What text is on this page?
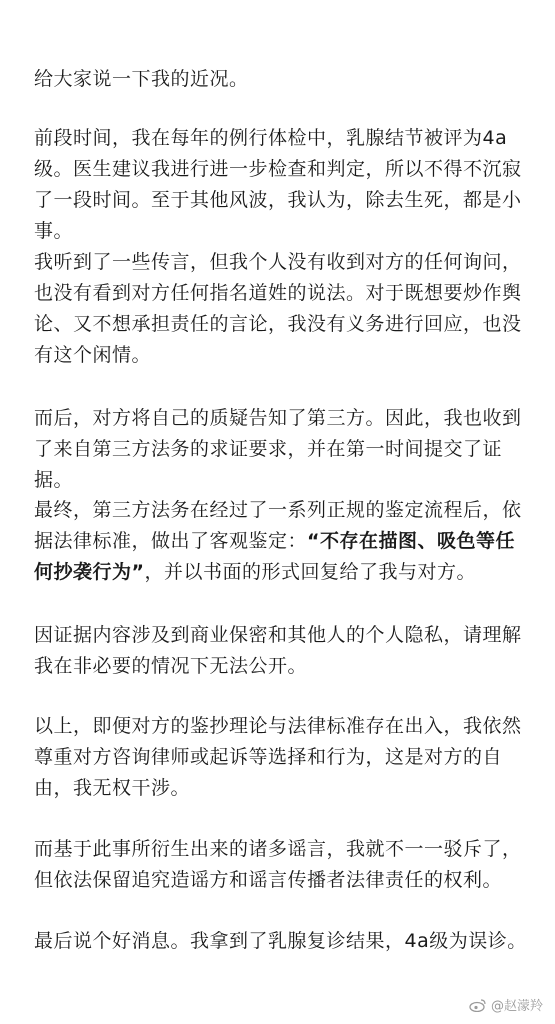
给大家说一下我的近况。

前段时间，我在每年的例行体检中，乳腺结节被评为4a级。医生建议我进行进一步检查和判定，所以不得不沉寂了一段时间。至于其他风波，我认为，除去生死，都是小事。

我听到了一些传言，但我个人没有收到对方的任何询问，也没有看到对方任何指名道姓的说法。对于既想要炒作舆论、又不想承担责任的言论，我没有义务进行回应，也没有这个闲情。

而后，对方将自己的质疑告知了第三方。因此，我也收到了来自第三方法务的求证要求，并在第一时间提交了证据。

最终，第三方法务在经过了一系列正规的鉴定流程后，依据法律标准，做出了客观鉴定：“不存在描图、吸色等任何抄袭行为”，并以书面的形式回复给了我与对方。

因证据内容涉及到商业保密和其他人的个人隐私，请理解我在非必要的情况下无法公开。

以上，即便对方的鉴抄理论与法律标准存在出入，我依然尊重对方咨询律师或起诉等选择和行为，这是对方的自由，我无权干涉。

而基于此事所衍生出来的诸多谣言，我就不一一驳斥了，但依法保留追究造谣方和谣言传播者法律责任的权利。

最后说个好消息。我拿到了乳腺复诊结果，4a级为误诊。

@赵濛羚
